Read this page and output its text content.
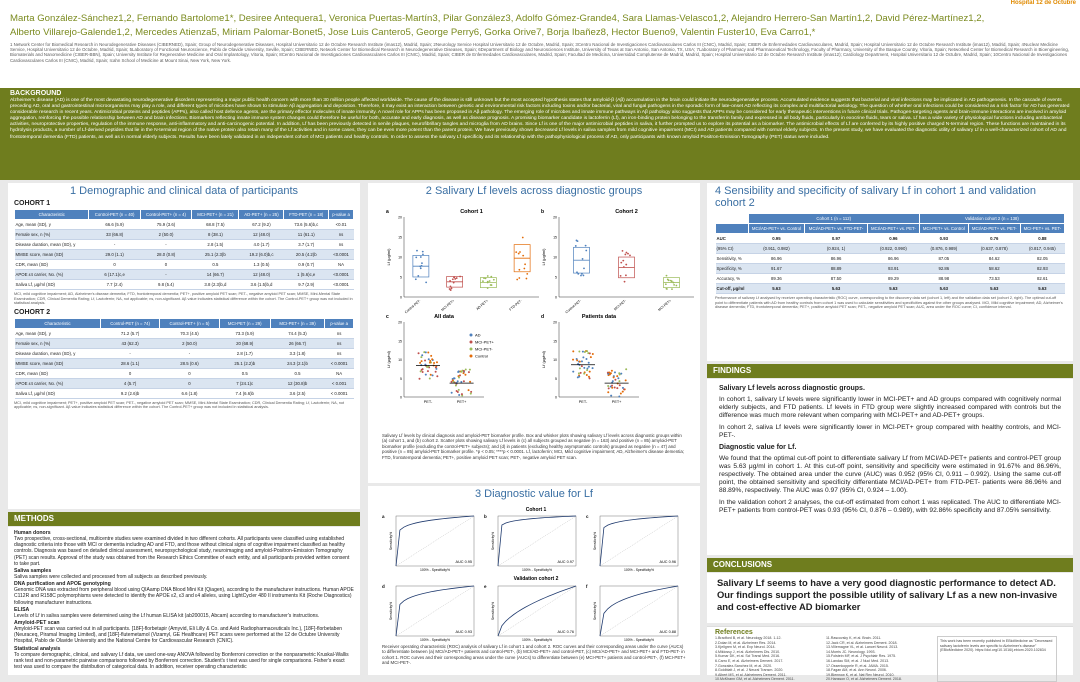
Hospital 12 de Octubre
Marta González-Sánchez1,2, Fernando Bartolome1*, Desiree Antequera1, Veronica Puertas-Martín3, Pilar González3, Adolfo Gómez-Grande4, Sara Llamas-Velasco1,2, Alejandro Herrero-San Martín1,2, David Pérez-Martínez1,2,
Alberto Villarejo-Galende1,2, Mercedes Atienza5, Miriam Palomar-Bonet5, Jose Luis Cantero5, George Perry6, Gorka Orive7, Borja Ibañez8, Hector Bueno9, Valentin Fuster10, Eva Carro1,*
1 Network Center for Biomedical Research in Neurodegenerative Diseases (CIBERNED), Spain; Group of Neurodegenerative Diseases, Hospital Universitario 12 de Octubre Research Institute (imas12), Madrid, Spain; 2Neurology Service Hospital Universitario 12 de Octubre, Madrid, Spain; 3Centro Nacional de Investigaciones Cardiovasculares Carlos III (CNIC), Madrid, Spain; CIBER de Enfermedades Cardiovasculares, Madrid, Spain; Hospital Universitario 12 de Octubre Research Institute (imas12), Madrid, Spain; 4Nuclear Medicine Service, Hospital Universitario 12 de Octubre, Madrid, Spain; 5Laboratory of Functional Neuroscience, Pablo de Olavide University, Seville, Spain; CIBERNED, Network Center for Biomedical Research in Neurodegenerative Diseases, Spain; 6Department of Biology and Neurosciences Institute, University of Texas at San Antonio, San Antonio, TX, USA; 7Laboratory of Pharmacy and Pharmaceutical Technology, Faculty of Pharmacy, University of the Basque Country, Vitoria, Spain; Networked Center for Biomedical Research in Bioengineering, Biomaterials and Nanomedicine (CIBER-BBN), Spain; University Institute for Regenerative Medicine and Oral Implantology, Vitoria, Spain; 8Centro Nacional de Investigaciones Cardiovasculares Carlos III (CNIC), Madrid, Spain; CIBER de Enfermedades Cardiovasculares, Madrid, Spain; Facultad de Medicina, Universidad Complutense de Madrid, Madrid, Spain; Hospital Universitario 12 de Octubre Research Institute (imas12); Cardiology Department, Hospital Universitario 12 de Octubre, Madrid, Spain; 10Centro Nacional de Investigaciones Cardiovasculares Carlos III (CNIC), Madrid, Spain; Icahn School of Medicine at Mount Sinai, New York, New York.
BACKGROUND
Alzheimer's disease (AD) is one of the most devastating neurodegenerative disorders representing a major public health concern with more than 30 million people affected worldwide. The cause of the disease is still unknown but the most accepted hypothesis states that amyloid-β (Aβ) accumulation in the brain could initiate the neurodegenerative process. Accumulated evidence suggests that bacterial and viral infections may be implicated in AD pathogenesis. In the cascade of events preceding AD, oral and gastrointestinal microorganisms may play a role, and different types of microbes have shown to stimulate Aβ aggregation and deposition. Therefore, it may exist an interaction between genetic and environmental risk factors including toxins and/or bacterial, viral and fungal pathogens in the sporadic form of late-onset AD reflecting its complex and multifactorial aetiology. The question of whether oral infections could be considered as a risk factor for AD has generated considerable research in recent years. Antimicrobial proteins and peptides (APPs), also called host defence agents, are the primary effector molecules of innate immunity. A novel role for APPs has been proposed in Aβ pathology. The emerging role of microbes and innate immune pathways in Aβ pathology also suggests that APPs may be considered for early therapeutic interventions in future clinical trials. Pathogen-targeting agents and brain-immune interactions are involved in amyloid aggregation, reinforcing the possible relationship between AD and brain infections. Biomarkers reflecting innate immune system changes could therefore be useful for both, accurate and early diagnosis, as well as disease prognosis. A promising biomarker candidate is lactoferrin (Lf), an iron-binding protein belonging to the transferrin family and expressed in all body fluids, particularly in exocrine fluids, tears or saliva. Lf has a wide variety of physiological functions including antibacterial activities, neuroprotective properties, regulation of the immune response, anti-inflammatory and anti-carcinogenic potential. In addition, Lf has been previously detected in senile plaques, neurofibrillary tangles and microglia from AD brains. Since Lf is one of the major antimicrobial peptides in saliva, it further prompted us to explore its potential as a biomarker. The antimicrobial effects of Lf are conferred by its highly positive charged N-terminal region. These functions are maintained in its hydrolysis products, a number of Lf-derived peptides that lie in the N-terminal region of the native protein also retain many of the Lf activities and in some cases, they can be even more potent than the parent protein. We have previously shown decreased Lf levels in saliva samples from mild cognitive impairment (MCI) and AD patients compared with normal elderly subjects. In the present study, we have evaluated the diagnostic utility of salivary Lf in a well-characterized cohort of AD and frontotemporal dementia (FTD) patients, as well as in normal elderly subjects. Results have been lately validated in an independent cohort of MCI patients and healthy controls. In order to assess the salivary Lf specificity and its relationship with the pathophysiological process of AD, only participants with known amyloid Positron-Emission Tomography (PET) status were included.
1 Demographic and clinical data of participants
COHORT 1
Characteristic	Control-PET (n = 40)	Control-PET+ (n = 4)	MCI-PET+ (n = 21)	AD-PET+ (n = 25)	FTD-PET (n = 18)	p-value a
Age, mean (SD), y	66.6 (5.9)	75.9 (3.6)	68.8 (7.5)	67.2 (9.2)	73.6 (5.6)b,c	<0.01
Female sex, n (%)	33 (66.8)	2 (50.0)	8 (38.1)	12 (48.0)	11 (61.1)	ns
Disease duration, mean (SD), y	-	-	2.8 (1.5)	4.0 (1.7)	3.7 (1.7)	ns
MMSE score, mean (SD)	29.0 (1.1)	28.0 (0.8)	25.1 (2.3)b	19.2 (6.0)b,c	20.5 (4.2)b	<0.0001
CDR, mean (SD)	0	0	0.5	1.3 (0.5)	0.9 (0.7)	NA
APOE ε4 carrier, No. (%)	6 (17.1)c,e	-	14 (66.7)	12 (48.0)	1 (5.6)c,e	<0.0001
Saliva Lf, μg/ml (SD)	7.7 (2.4)	9.8 (5.4)	3.8 (2.3)b,d	3.6 (1.5)b,d	9.7 (2.9)	<0.0001
MCI, mild cognitive impairment; AD, Alzheimer's disease dementia; FTD, frontotemporal dementia; PET+, positive amyloid PET scan; PET-, negative amyloid PET scan; MMSE, Mini-Mental State Examination; CDR, Clinical Dementia Rating; Lf, Lactoferrin; NA, not applicable; ns, non-significant. Aβ value indicates statistical difference within the cohort. The Control-PET+ group was not included in statistical analysis.
COHORT 2
Characteristic	Control-PET (n = 74)	Control-PET+ (n = 5)	MCI-PET (n = 29)	MCI-PET+ (n = 39)	p-value a
Age, mean (SD), y	71.2 (5.7)	70.3 (4.5)	73.3 (5.9)	74.4 (5.3)	ns
Female sex, n (%)	43 (62.3)	2 (50.0)	20 (68.9)	26 (66.7)	ns
Disease duration, mean (SD), y	-	-	2.8 (1.7)	3.3 (1.8)	ns
MMSE score, mean (SD)	28.6 (1.1)	28.5 (0.6)	25.1 (2.2)b	24.3 (2.1)b	< 0.0001
CDR, mean (SD)	0	0	0.5	0.5	NA
APOE ε4 carrier, No. (%)	4 (5.7)	0	7 (24.1)c	12 (30.8)b	< 0.001
Saliva Lf, μg/ml (SD)	9.2 (2.6)b	6.6 (1.8)	7.4 (6.6)b	3.6 (2.5)	< 0.0001
MCI, mild cognitive impairment; PET+, positive amyloid PET scan; PET-, negative amyloid PET scan; MMSE, Mini-Mental State Examination; CDR, Clinical Dementia Rating; Lf, Lactoferrin; NA, not applicable; ns, non-significant. Aβ value indicates statistical difference within the cohort. The Control-PET+ group was not included in statistical analysis.
METHODS
Human donors
Two prospective, cross-sectional, multicentre studies were examined divided in two different cohorts. All participants were classified using established diagnostic criteria into those with MCI or dementia including AD and FTD, and those without clinical signs of cognitive impairment classified as healthy controls. Diagnosis was based on detailed clinical assessment, neuropsychological study, neuroimaging and amyloid-Positron-Emission Tomography (PET) scan results. Approval of the study was obtained from the Research Ethics Committee of each entity, and all participants provided written consent to take part.
Saliva samples
Saliva samples were collected and processed from all subjects as described previously.
DNA purification and APOE genotyping
Genomic DNA was extracted from peripheral blood using QIAamp DNA Blood Mini Kit (Qiagen), according to the manufacturer instructions. Human APOE C112R and R158C polymorphisms were detected to identify the APOE ε2, ε3 and ε4 alleles, using LightCycler 480 II instruments Kit (Roche Diagnostics) following manufacturer instructions.
ELISA
Levels of Lf in saliva samples were determined using the Lf human ELISA kit (ab200015, Abcam) according to manufacturer's instructions.
Amyloid-PET scan
Amyloid-PET scan was carried out in all participants. [18F]-florbetapir (Amyvid, Eli Lilly & Co. and Avid Radiopharmaceuticals Inc.), [18F]-florbetaben (Neuraceq, Piramal Imaging Limited), and [18F]-flutemetamol (Vizamyl, GE Healthcare) PET scans were performed at the 12 de Octubre University Hospital, Pablo de Olavide University and the National Centre for Cardiovascular Research (CNIC).
Statistical analysis
To compare demographic, clinical, and salivary Lf data, we used one-way ANOVA followed by Bonferroni correction or the nonparametric Kruskal-Wallis rank test and non-parametric pairwise comparisons followed by Bonferroni correction. Student's t test was used for single comparisons. Fisher's exact test was used to compare the distribution of categorical data. In addition, receiver operating characteristic
2 Salivary Lf levels across diagnostic groups
a	Cohort 1
Lf (μg/ml)
0
5
10
15
20
Control-PET-	MCI-PET+	AD-PET+	FTD-PET-
b	Cohort 2
Lf (μg/ml)
0
5
10
15
20
Control-PET-	MCI-PET-	MCI-PET+
c	All data
Lf (μg/ml)
0
5
10
15
20
PET-	PET+
d	Patients data
Lf (μg/ml)
0
5
10
15
20
PET-	PET+
AD
MCI-PET+
MCI-PET-
Control
Salivary Lf levels by clinical diagnosis and amyloid-PET biomarker profile. Box and whisker plots showing salivary Lf levels across diagnostic groups within (a) cohort 1, and (b) cohort 2. Scatter plots showing salivary Lf levels in (c) all subjects grouped as negative (n = 163) and positive (n = 85) amyloid-PET biomarker profile (excluding the control-PET+ subjects); and (d) in patients (excluding healthy asymptomatic controls) grouped as negative (n = 47) and positive (n = 85) amyloid-PET biomarker profile. *p < 0.05; ****p < 0.0001. Lf, lactoferrin; MCI, Mild cognitive impairment; AD, Alzheimer's disease dementia; FTD, frontotemporal dementia; PET+, positive amyloid PET scan; PET-, negative amyloid PET scan.
3 Diagnostic value for Lf
Cohort 1
Validation cohort 2
a
AUC 0.95
100% - Specificity%
Sensitivity%
b
AUC 0.97
100% - Specificity%
Sensitivity%
c
AUC 0.96
100% - Specificity%
Sensitivity%
d
AUC 0.93
100% - Specificity%
Sensitivity%
e
AUC 0.76
100% - Specificity%
Sensitivity%
f
AUC 0.88
100% - Specificity%
Sensitivity%
Receiver operating characteristic (ROC) analysis of salivary Lf in cohort 1 and cohort 2. ROC curves and their corresponding areas under the curve (AUCs) to differentiate between (a) MCI/AD-PET+ patients and control-PET-, (b) MCI/AD-PET+ and control-PET, (c) MCI/AD-PET+ and MCI-PET+ and FTD-PET- in cohort 1. ROC curves and their corresponding areas under the curve (AUCs) to differentiate between (e) MCI-PET+ patients and control-PET-, (f) MCI-PET+ and MCI-PET-.
4 Sensibility and specificity of salivary Lf in cohort 1 and validation cohort 2
	Cohort 1 (n = 112)			Validation cohort 2 (n = 138)		
	MCI/AD-PET+ vs. Control	MCI/AD-PET+ vs. FTD-PET-	MCI/AD-PET+ vs. PET-	MCI-PET+ vs. Control	MCI/AD-PET+ vs. PET-	MCI-PET+ vs. PET-
AUC	0.95	0.97	0.96	0.93	0.76	0.88
(95% CI)	(0.911, 0.982)	(0.924, 1)	(0.922, 0.990)	(0.876, 0.989)	(0.637, 0.878)	(0.817, 0.945)
Sensitivity, %	86.96	86.96	86.96	87.05	84.62	82.05
Specificity, %	91.67	88.89	93.91	92.86	58.62	82.93
Accuracy, %	89.36	87.50	89.29	88.98	73.53	82.61
Cut-off, μg/ml	5.63	5.63	5.63	5.63	5.63	5.63
Performance of salivary Lf analysed by receiver operating characteristic (ROC) curve, corresponding to the discovery data set (cohort 1, left) and the validation data set (cohort 2, right). The optimal cut-off point to differentiate patients with AD from healthy controls from cohort 1 was used to calculate sensitivities and specificities against the other groups analysed. MCI, Mild cognitive impairment; AD, Alzheimer's disease dementia; FTD, frontotemporal dementia; PET+, positive amyloid PET scan; PET-, negative amyloid PET scan; AUC, area under the ROC curve; CI, confidence interval.
FINDINGS
Salivary Lf levels across diagnostic groups.
In cohort 1, salivary Lf levels were significantly lower in MCI-PET+ and AD groups compared with cognitively normal elderly subjects, and FTD patients. Lf levels in FTD group were slightly increased compared with controls but the difference was much more relevant when comparing with MCI-PET+ and AD-PET+ groups.
In cohort 2, saliva Lf levels were significantly lower in MCI-PET+ group compared with healthy controls, and MCI-PET-.
Diagnostic value for Lf.
We found that the optimal cut-off point to differentiate salivary Lf from MCI/AD-PET+ patients and control-PET group was 5.63 μg/ml in cohort 1. At this cut-off point, sensitivity and specificity were estimated in 91.67% and 86.96%, respectively. The obtained area under the curve (AUC) was 0.952 (95% CI, 0.911 – 0.992). Using the same cut-off point, the obtained sensitivity and specificity differentiate MCI/AD-PET+ from FTD-PET- patients were 86.96% and 88.89%, respectively. The AUC was 0.97 (95% CI, 0.924 – 1.00).
In the validation cohort 2 analyses, the cut-off estimated from cohort 1 was replicated. The AUC to differentiate MCI-PET+ patients from control-PET was 0.93 (95% CI, 0.876 – 0.989), with 92.86% specificity and 87.05% sensitivity.
CONCLUSIONS
Salivary Lf seems to have a very good diagnostic performance to detect AD. Our findings support the possible utility of salivary Lf as a new non-invasive and cost-effective AD biomarker
References
1.Bradford B, et al. Neurology 2018. 1-12.
2.Dolan M, et al. Alzheimer Res. 2014.
3.Kjellgren M, et al. Exp Neurol. 2014.
4.Miklossy J, et al. Alzheimers Dis. 2010.
5.Kumar DK, et al. Sci Transl Med. 2016.
6.Carro E, et al. Alzheimers Dement. 2017.
7.Gonzalez-Sanchez M, et al. 2020.
8.Goldblatt J, et al. J Neural Transm. 2020.
9.Albert MS, et al. Alzheimers Dement. 2011.
10.McKhann GM, et al. Alzheimers Dement. 2011.
11.Rascovsky K, et al. Brain. 2011.
12.Jack CR, et al. Alzheimers Dement. 2018.
13.Villemagne VL, et al. Lancet Neurol. 2013.
14.Morris JC. Neurology. 1993.
15.Folstein MF, et al. J Psychiatr Res. 1975.
16.Landau SM, et al. J Nucl Med. 2013.
17.Ossenkoppele R, et al. JAMA. 2015.
18.Fagan AM, et al. Ann Neurol. 2006.
19.Blennow K, et al. Nat Rev Neurol. 2010.
20.Hansson O, et al. Alzheimers Dement. 2018.
This work has been recently published in EBioMedicine as "Decreased salivary lactoferrin levels are specific to Alzheimer's disease" (EBioMedicine 2020). https://doi.org/10.1016/j.ebiom.2020.102834
